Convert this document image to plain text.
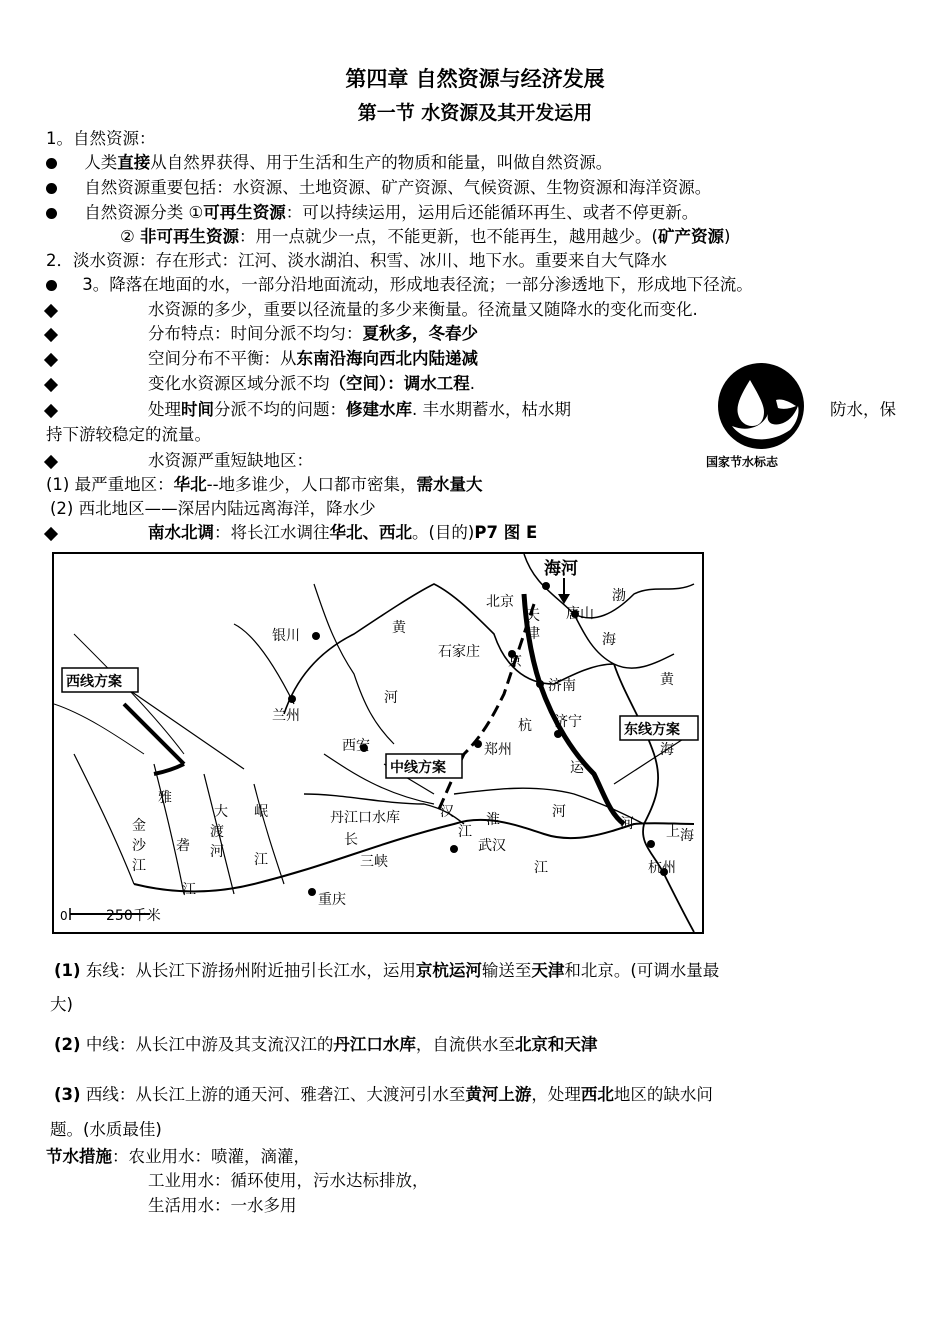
第四章 自然资源与经济发展
第一节 水资源及其开发运用
1。自然资源：
人类直接从自然界获得、用于生活和生产的物质和能量，叫做自然资源。
自然资源重要包括：水资源、土地资源、矿产资源、气候资源、生物资源和海洋资源。
自然资源分类 ①可再生资源：可以持续运用，运用后还能循环再生、或者不停更新。
② 非可再生资源：用一点就少一点，不能更新，也不能再生，越用越少。(矿产资源)
2．淡水资源：存在形式：江河、淡水湖泊、积雪、冰川、地下水。重要来自大气降水
3。降落在地面的水，一部分沿地面流动，形成地表径流；一部分渗透地下，形成地下径流。
水资源的多少，重要以径流量的多少来衡量。径流量又随降水的变化而变化.
分布特点：时间分派不均匀：夏秋多，冬春少
空间分布不平衡：从东南沿海向西北内陆递减
变化水资源区域分派不均（空间）：调水工程.
处理时间分派不均的问题：修建水库. 丰水期蓄水，枯水期	防水，保
持下游较稳定的流量。
国家节水标志
水资源严重短缺地区：
(1) 最严重地区：华北--地多谁少，人口都市密集，需水量大
(2) 西北地区——深居内陆远离海洋，降水少
南水北调：将长江水调往华北、西北。(目的)P7 图 E
海河
渤
海
北京
天
津
唐山
银川	黄
河
石家庄
京
黄
济南
西线方案
兰州
杭 济宁	东线方案
西安	郑州	海
中线方案	运
雅
大 岷	丹江口水库	汉 淮	河
金
沙
江
砻
渡
河 江
长	江
武汉
三峡	江
江
河 上 海
杭州
重庆
0	250千米
(1) 东线：从长江下游扬州附近抽引长江水，运用京杭运河输送至天津和北京。(可调水量最
大)
(2) 中线：从长江中游及其支流汉江的丹江口水库，自流供水至北京和天津
(3) 西线：从长江上游的通天河、雅砻江、大渡河引水至黄河上游，处理西北地区的缺水问
题。(水质最佳)
节水措施：农业用水：喷灌，滴灌，
工业用水：循环使用，污水达标排放，
生活用水：一水多用
